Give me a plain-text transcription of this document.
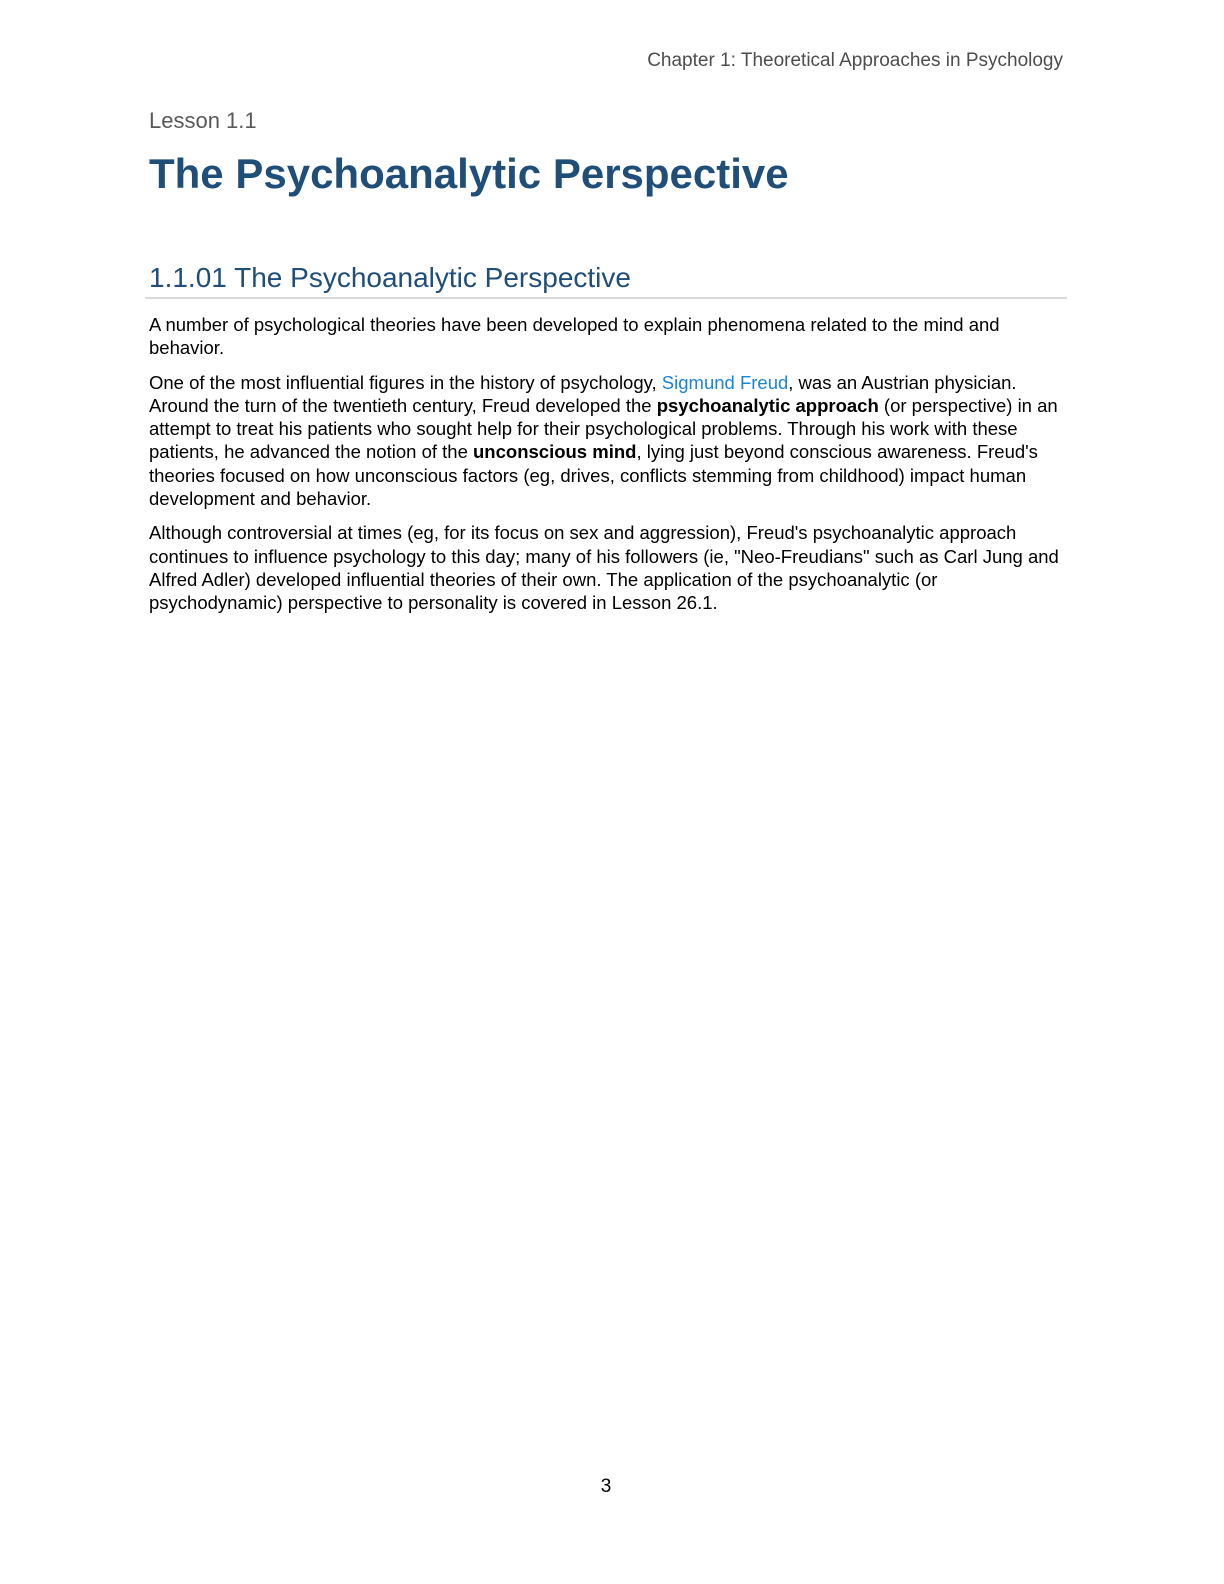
Chapter 1: Theoretical Approaches in Psychology

Lesson 1.1

The Psychoanalytic Perspective
1.1.01 The Psychoanalytic Perspective

A number of psychological theories have been developed to explain phenomena related to the mind and behavior.

One of the most influential figures in the history of psychology, Sigmund Freud, was an Austrian physician. Around the turn of the twentieth century, Freud developed the psychoanalytic approach (or perspective) in an attempt to treat his patients who sought help for their psychological problems. Through his work with these patients, he advanced the notion of the unconscious mind, lying just beyond conscious awareness. Freud's theories focused on how unconscious factors (eg, drives, conflicts stemming from childhood) impact human development and behavior.

Although controversial at times (eg, for its focus on sex and aggression), Freud's psychoanalytic approach continues to influence psychology to this day; many of his followers (ie, "Neo-Freudians" such as Carl Jung and Alfred Adler) developed influential theories of their own. The application of the psychoanalytic (or psychodynamic) perspective to personality is covered in Lesson 26.1.

3
